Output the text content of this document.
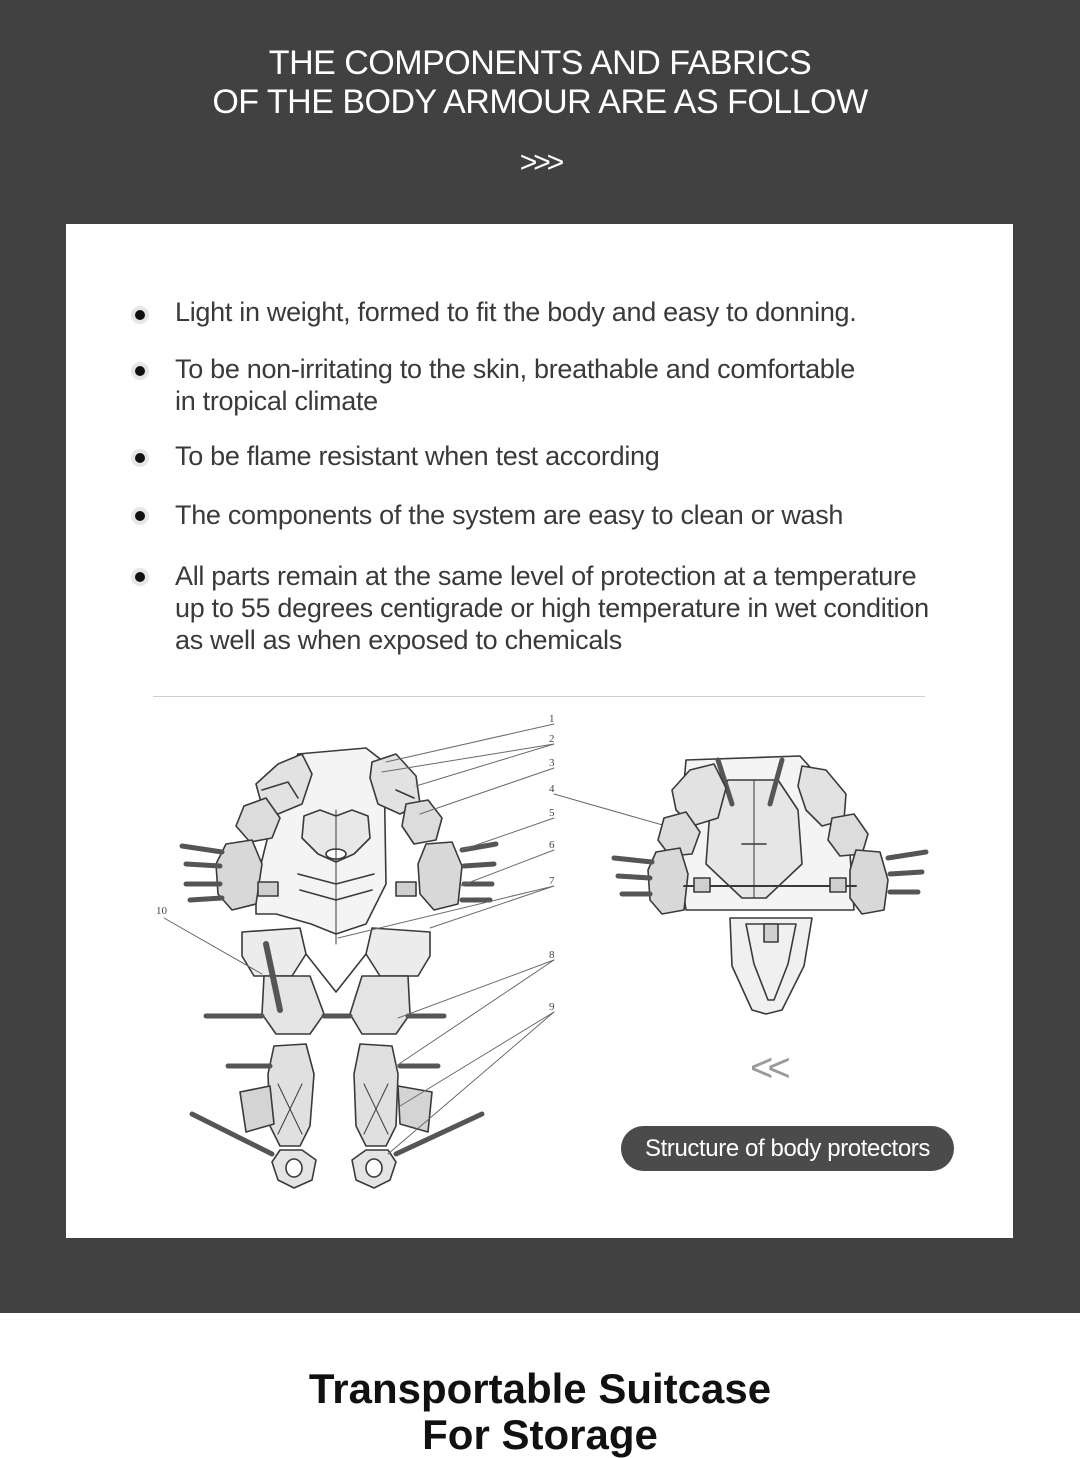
THE COMPONENTS AND FABRICS
OF THE BODY ARMOUR ARE AS FOLLOW
>>>
Light in weight, formed to fit the body and easy to donning.
To be non-irritating to the skin, breathable and comfortable
in tropical climate
To be flame resistant when test according
The components of the system are easy to clean or wash
All parts remain at the same level of protection at a temperature
up to 55 degrees centigrade or high temperature in wet condition
as well as when exposed to chemicals
1
2
3
4
5
6
7
8
9
10
<<
Structure of body protectors
Transportable Suitcase
For Storage
